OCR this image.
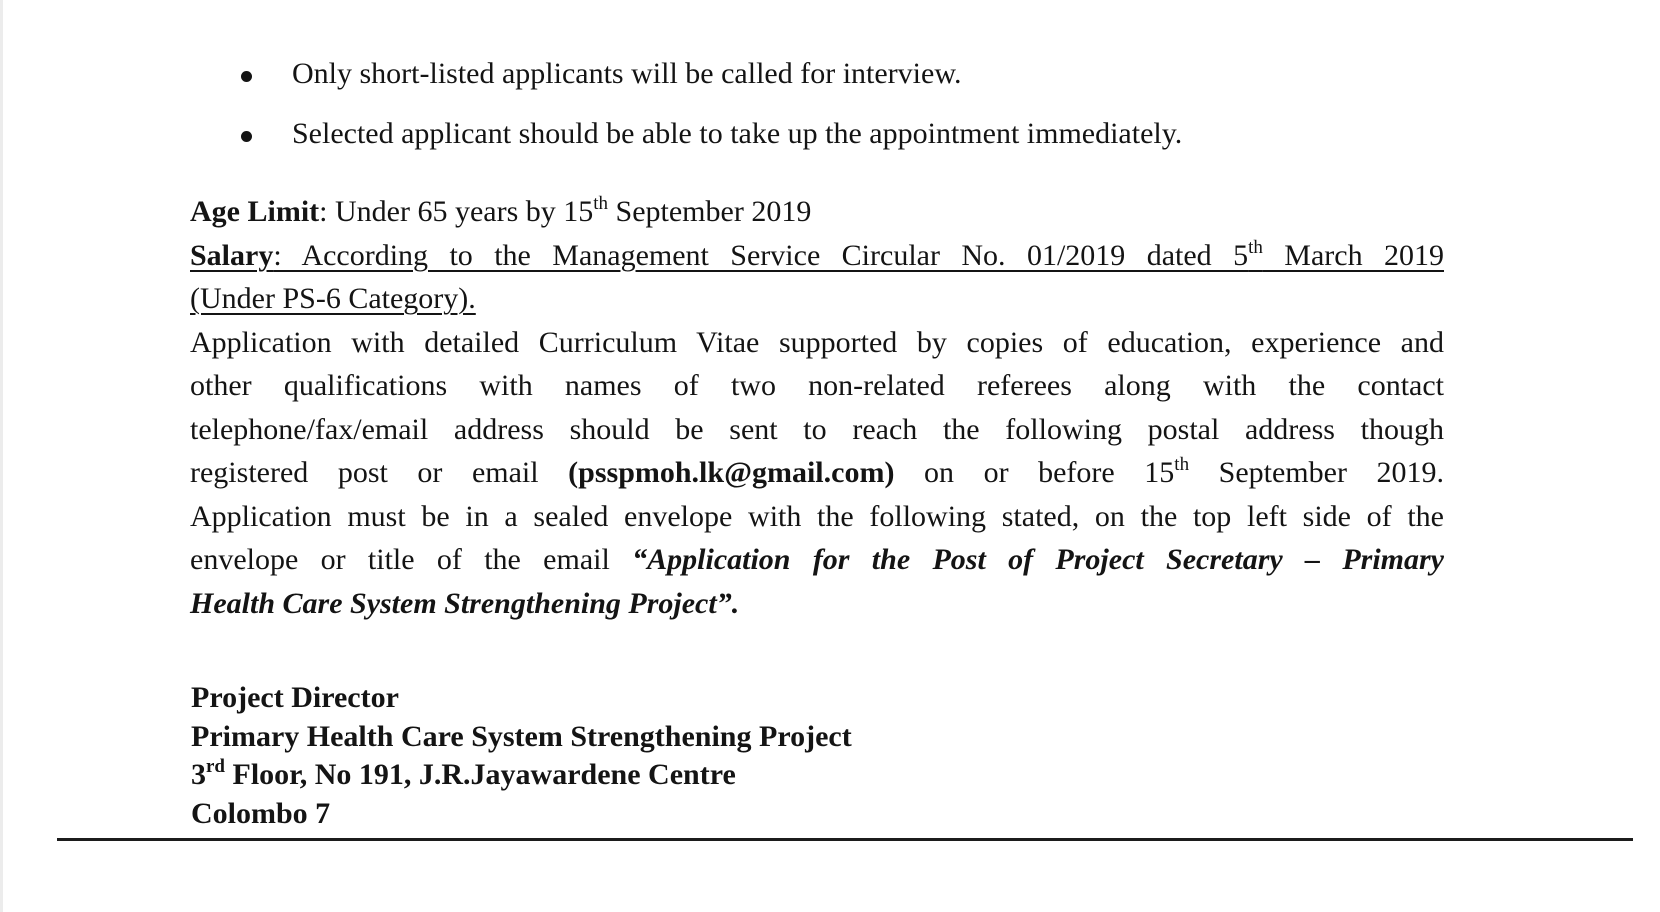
Only short-listed applicants will be called for interview.
Selected applicant should be able to take up the appointment immediately.
Age Limit: Under 65 years by 15th September 2019
Salary: According to the Management Service Circular No. 01/2019 dated 5th March 2019
(Under PS-6 Category).
Application with detailed Curriculum Vitae supported by copies of education, experience and
other qualifications with names of two non-related referees along with the contact
telephone/fax/email address should be sent to reach the following postal address though
registered post or email (psspmoh.lk@gmail.com) on or before 15th September 2019.
Application must be in a sealed envelope with the following stated, on the top left side of the
envelope or title of the email “Application for the Post of Project Secretary – Primary
Health Care System Strengthening Project”.
Project Director
Primary Health Care System Strengthening Project
3rd Floor, No 191, J.R.Jayawardene Centre
Colombo 7
